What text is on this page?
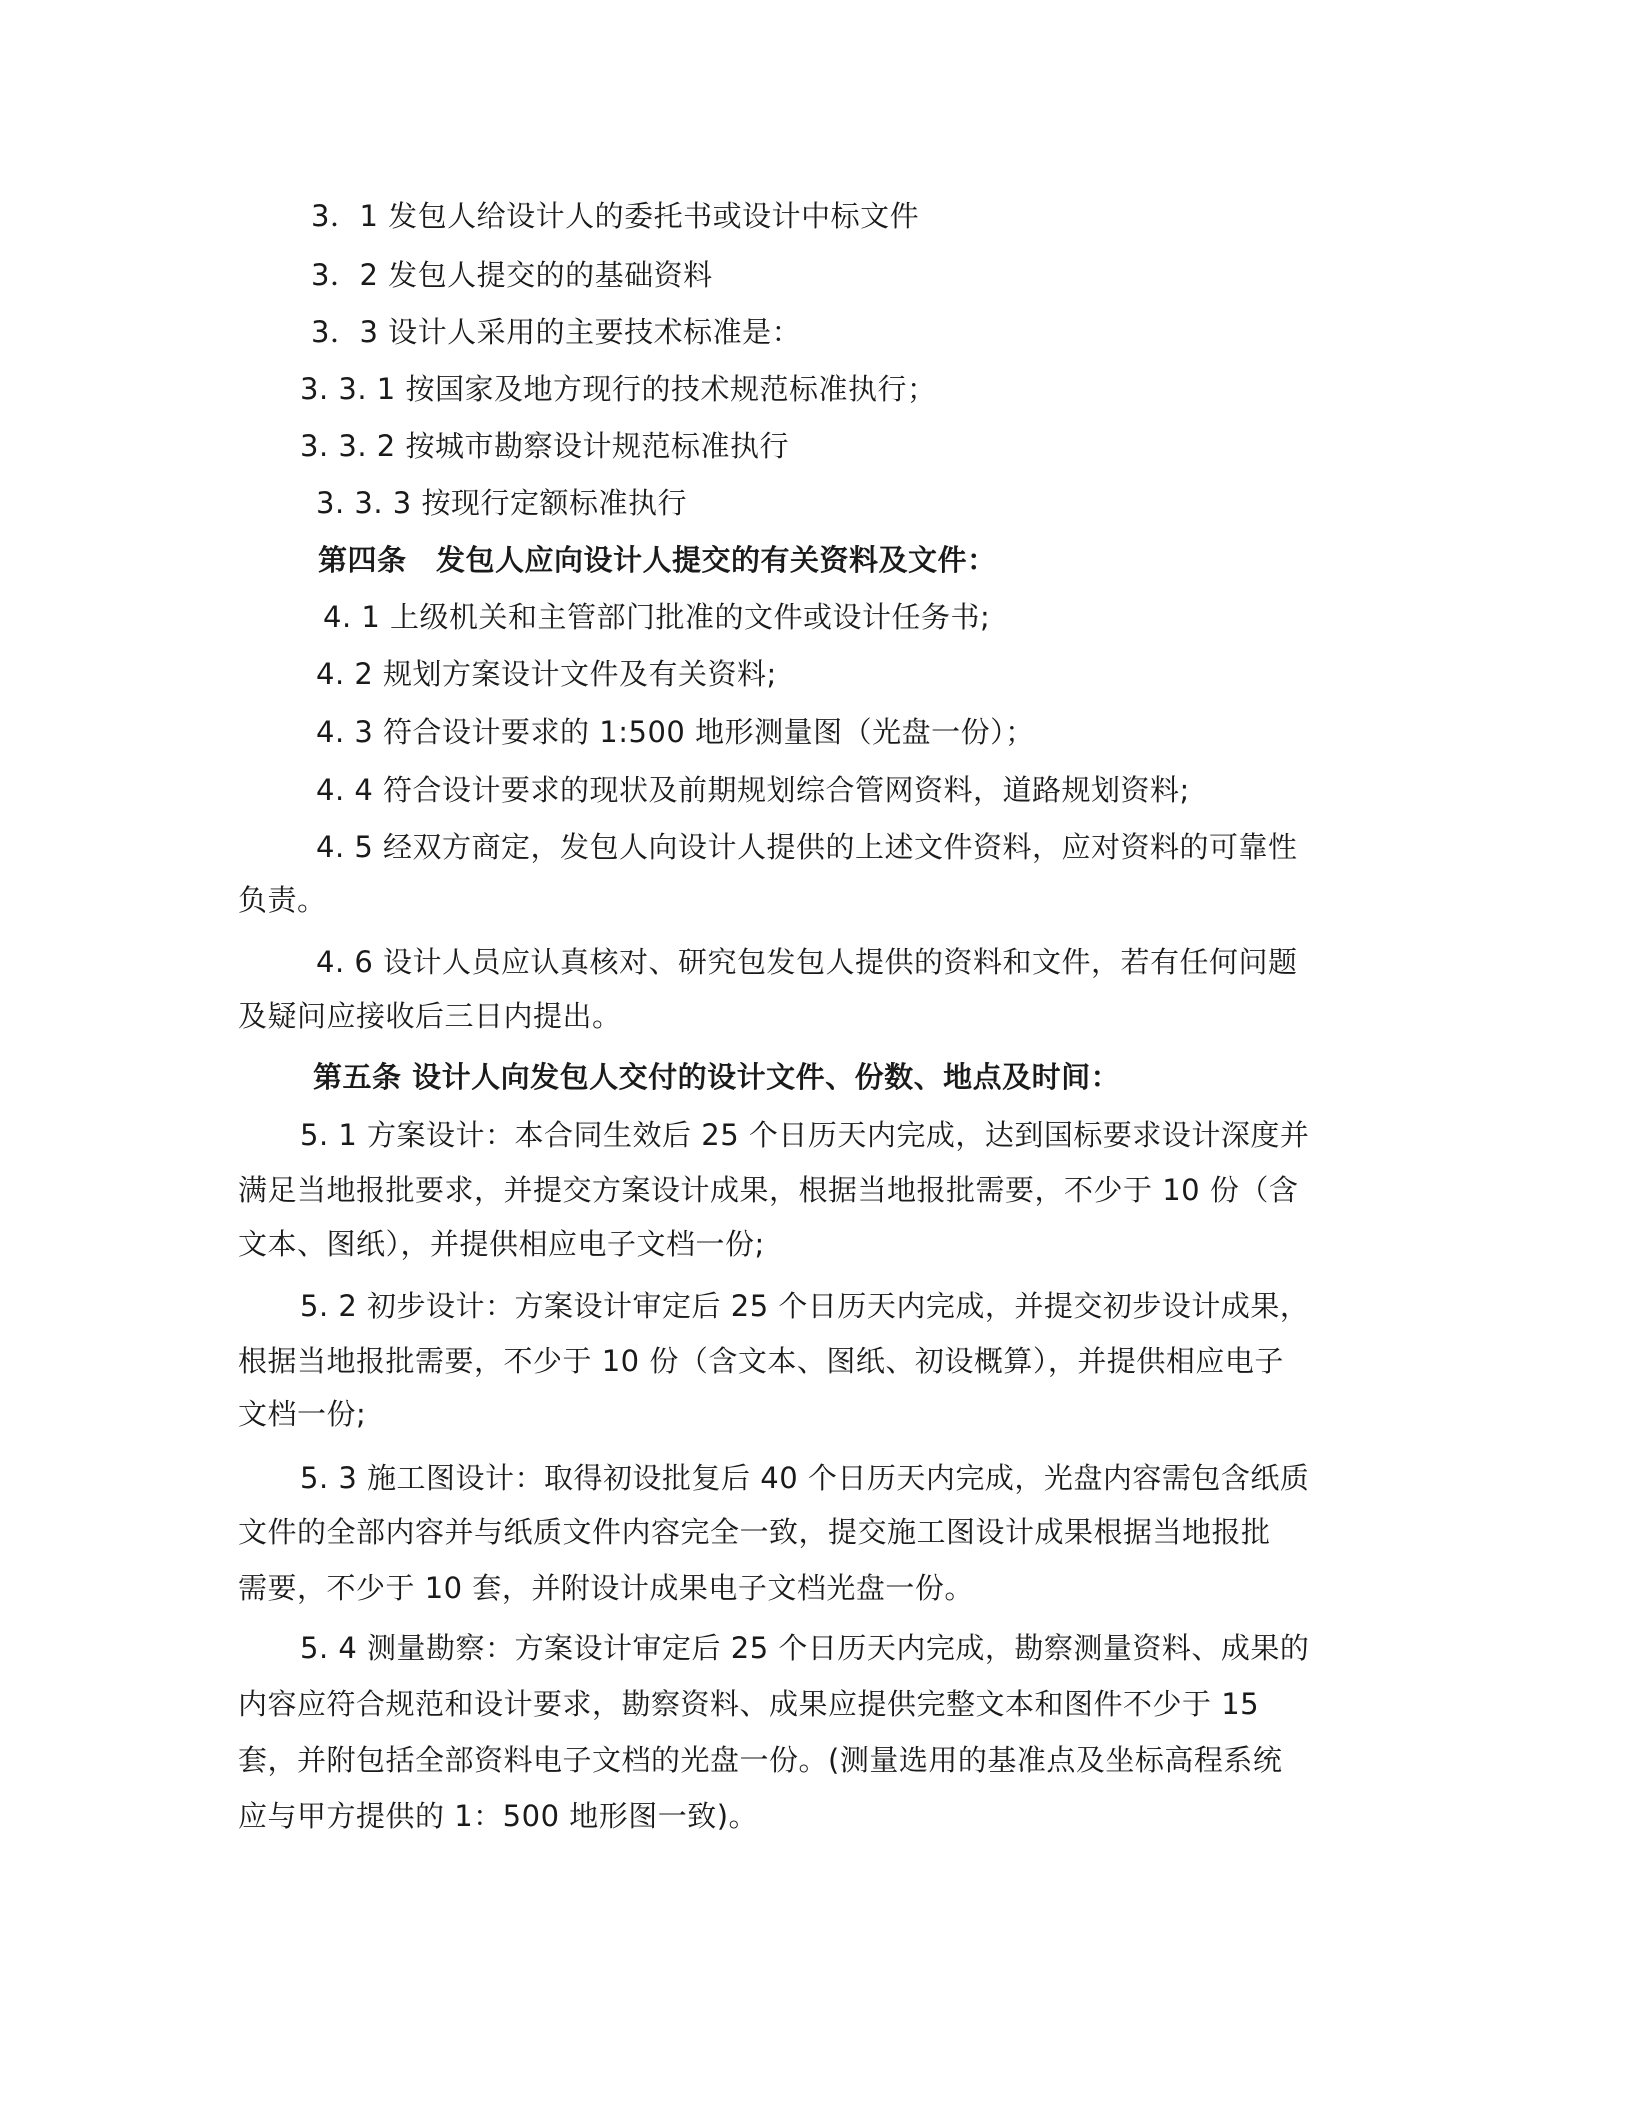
3．1 发包人给设计人的委托书或设计中标文件
3．2 发包人提交的的基础资料
3．3 设计人采用的主要技术标准是：
3. 3. 1 按国家及地方现行的技术规范标准执行；
3. 3. 2 按城市勘察设计规范标准执行
3. 3. 3 按现行定额标准执行
第四条　发包人应向设计人提交的有关资料及文件：
4. 1 上级机关和主管部门批准的文件或设计任务书;
4. 2 规划方案设计文件及有关资料;
4. 3 符合设计要求的 1:500 地形测量图（光盘一份）；
4. 4 符合设计要求的现状及前期规划综合管网资料，道路规划资料;
4. 5 经双方商定，发包人向设计人提供的上述文件资料，应对资料的可靠性
负责。
4. 6 设计人员应认真核对、研究包发包人提供的资料和文件，若有任何问题
及疑问应接收后三日内提出。
第五条 设计人向发包人交付的设计文件、份数、地点及时间：
5. 1 方案设计：本合同生效后 25 个日历天内完成，达到国标要求设计深度并
满足当地报批要求，并提交方案设计成果，根据当地报批需要，不少于 10 份（含
文本、图纸），并提供相应电子文档一份;
5. 2 初步设计：方案设计审定后 25 个日历天内完成，并提交初步设计成果，
根据当地报批需要，不少于 10 份（含文本、图纸、初设概算），并提供相应电子
文档一份;
5. 3 施工图设计：取得初设批复后 40 个日历天内完成，光盘内容需包含纸质
文件的全部内容并与纸质文件内容完全一致，提交施工图设计成果根据当地报批
需要，不少于 10 套，并附设计成果电子文档光盘一份。
5. 4 测量勘察：方案设计审定后 25 个日历天内完成，勘察测量资料、成果的
内容应符合规范和设计要求，勘察资料、成果应提供完整文本和图件不少于 15
套，并附包括全部资料电子文档的光盘一份。(测量选用的基准点及坐标高程系统
应与甲方提供的 1：500 地形图一致)。
